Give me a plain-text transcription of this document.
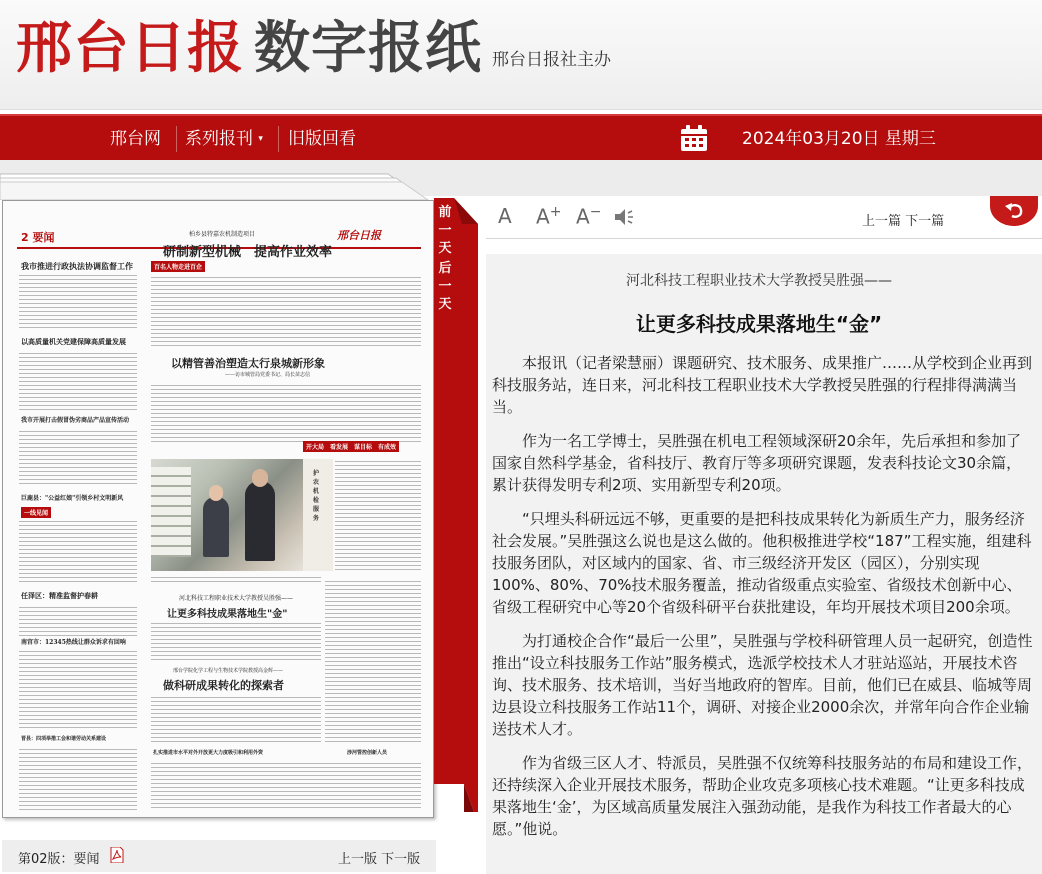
邢台日报 数字报纸 邢台日报社主办
邢台网 系列报刊 ▾ 旧版回看	2024年03月20日 星期三
2 要闻	邢台日报
我市推进行政执法协调监督工作
以高质量机关党建保障高质量发展
我市开展打击假冒伪劣商品产品宣传活动
巨鹿县："公益红娘"引领乡村文明新风
一线见闻
任泽区：精准监督护春耕
南宫市：12345热线让群众诉求有回响
晋县：四项举措工会和谐劳动关系建设
柏乡县特嘉农机制造项目
研制新型机械　提高作业效率
百名人物走进百企
以精管善治塑造太行泉城新形象
——访市城管局党委书记、局长苗志信
开大局　看发展　谋目标　有成效
护农机检服务
河北科技工程职业技术大学教授吴胜强——
让更多科技成果落地生"金"
邢台学院化学工程与生物技术学院教授高金辉——
做科研成果转化的探索者
扎实推进市水平对外开放更大力度吸引和利用外资	涉河管控创新人员
前一天
后一天
第02版：要闻	上一版 下一版
A A+ A−
上一篇 下一篇
河北科技工程职业技术大学教授吴胜强——
让更多科技成果落地生“金”

本报讯（记者梁慧丽）课题研究、技术服务、成果推广……从学校到企业再到科技服务站，连日来，河北科技工程职业技术大学教授吴胜强的行程排得满满当当。

作为一名工学博士，吴胜强在机电工程领域深研20余年，先后承担和参加了国家自然科学基金，省科技厅、教育厅等多项研究课题，发表科技论文30余篇，累计获得发明专利2项、实用新型专利20项。

“只埋头科研远远不够，更重要的是把科技成果转化为新质生产力，服务经济社会发展。”吴胜强这么说也是这么做的。他积极推进学校“187”工程实施，组建科技服务团队，对区域内的国家、省、市三级经济开发区（园区），分别实现100%、80%、70%技术服务覆盖，推动省级重点实验室、省级技术创新中心、省级工程研究中心等20个省级科研平台获批建设，年均开展技术项目200余项。

为打通校企合作“最后一公里”，吴胜强与学校科研管理人员一起研究，创造性推出“设立科技服务工作站”服务模式，选派学校技术人才驻站巡站，开展技术咨询、技术服务、技术培训，当好当地政府的智库。目前，他们已在威县、临城等周边县设立科技服务工作站11个，调研、对接企业2000余次，并常年向合作企业输送技术人才。

作为省级三区人才、特派员，吴胜强不仅统筹科技服务站的布局和建设工作，还持续深入企业开展技术服务，帮助企业攻克多项核心技术难题。“让更多科技成果落地生‘金’，为区域高质量发展注入强劲动能，是我作为科技工作者最大的心愿。”他说。
